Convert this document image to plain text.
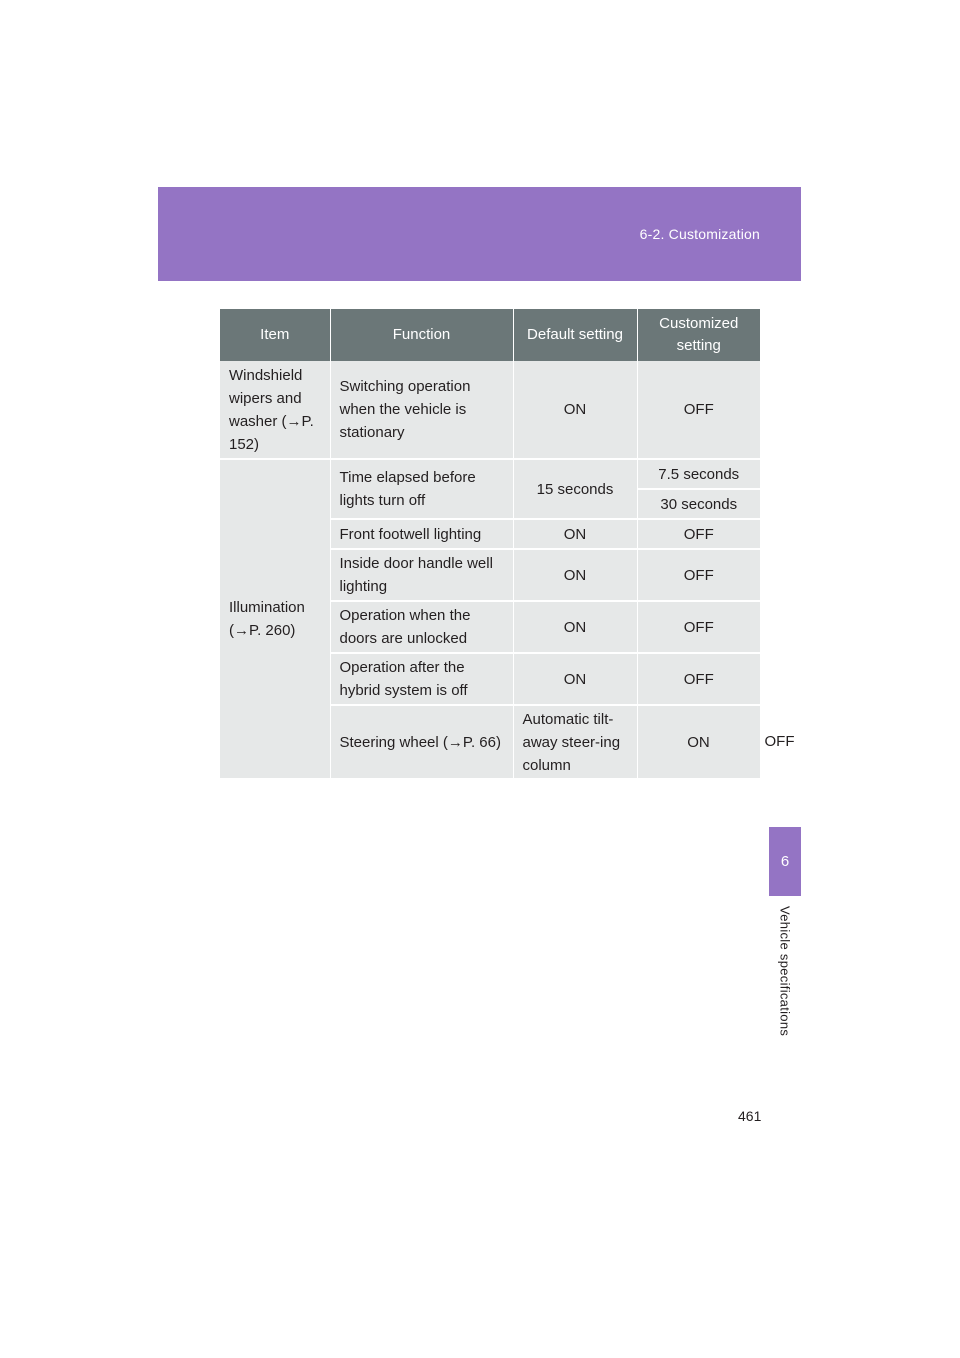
6-2. Customization
6
Vehicle specifications
Item	Function	Default setting	Customized setting	
Windshield wipers and washer (→P. 152)	Switching operation when the vehicle is stationary	ON	OFF	
Illumination (→P. 260)	Time elapsed before lights turn off	15 seconds	7.5 seconds	
			30 seconds	
	Front footwell lighting	ON	OFF	
	Inside door handle well lighting	ON	OFF	
	Operation when the doors are unlocked	ON	OFF	
	Operation after the hybrid system is off	ON	OFF	
	Steering wheel (→P. 66)	Automatic tilt-away steer-ing column	ON	OFF
461
